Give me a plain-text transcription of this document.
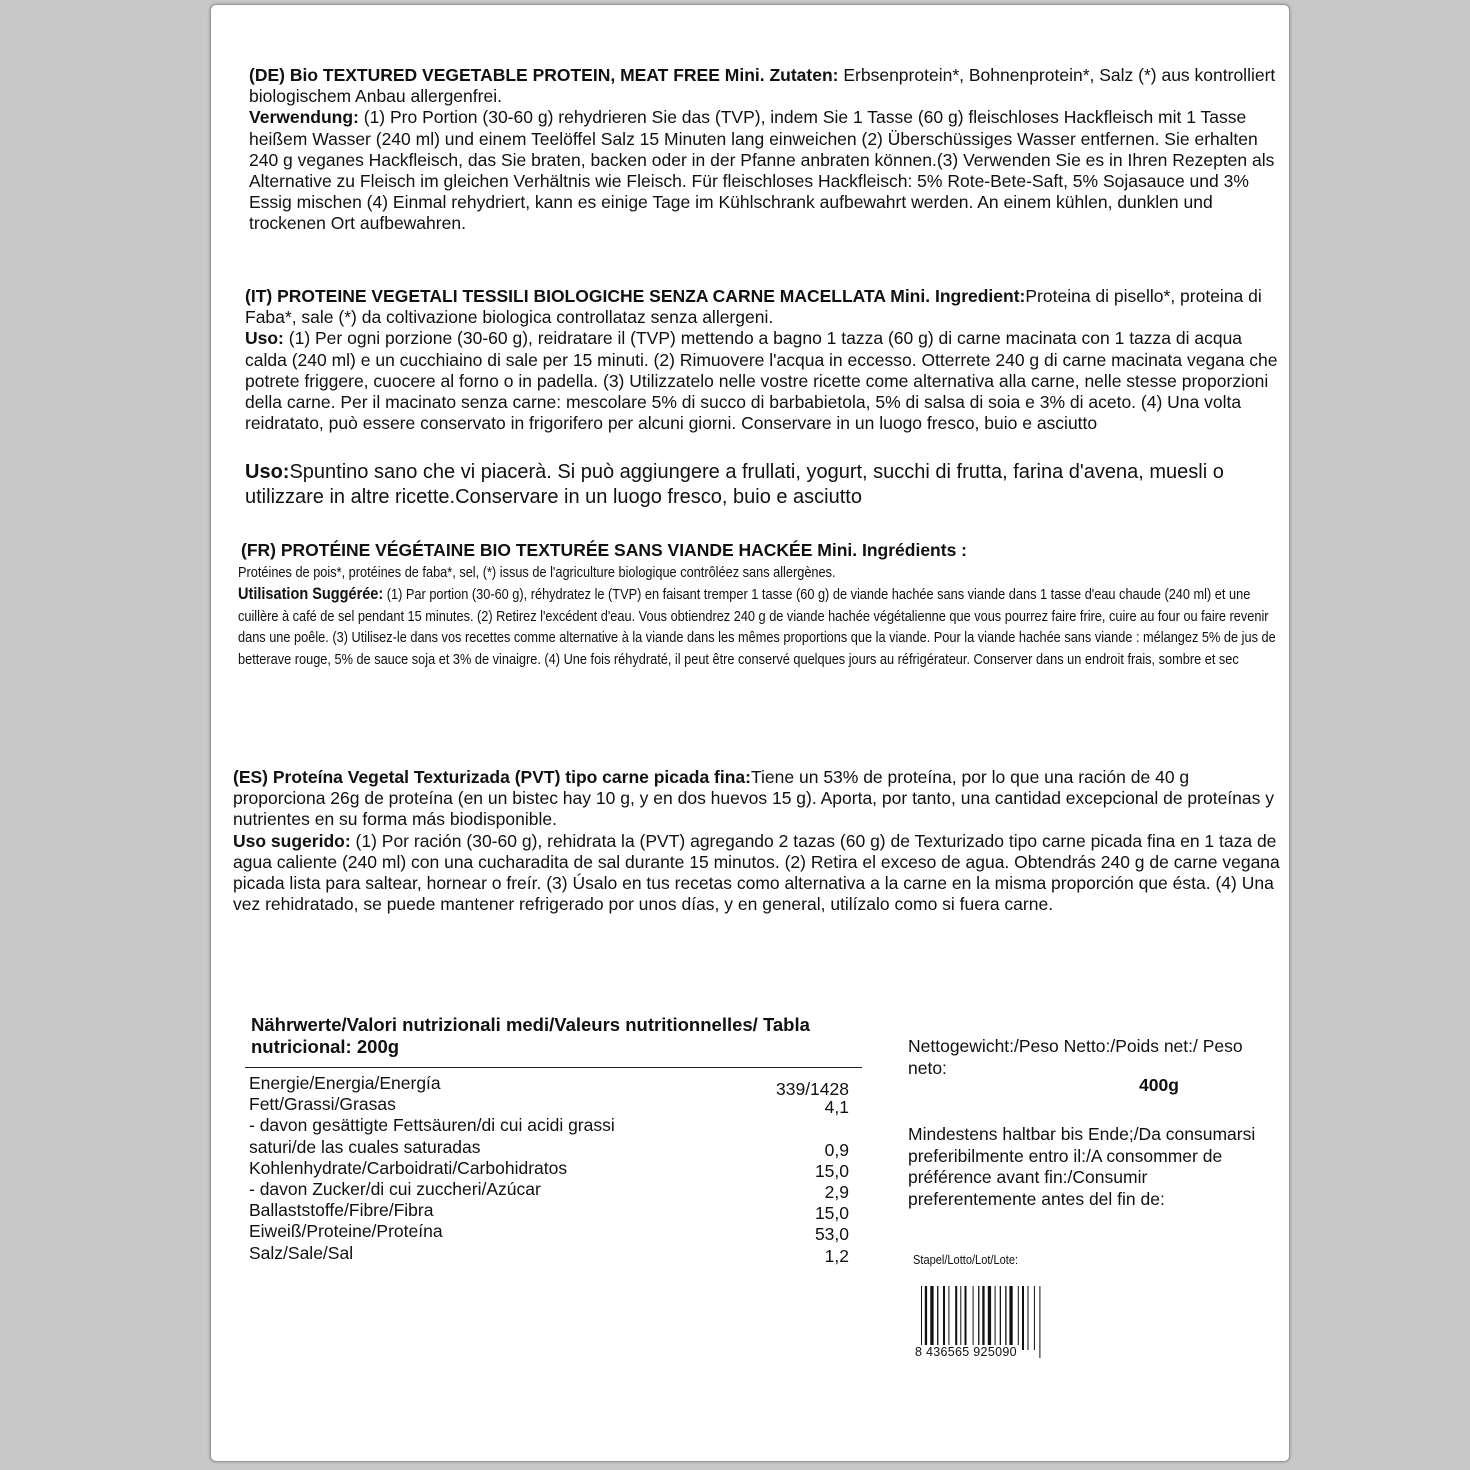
(DE) Bio TEXTURED VEGETABLE PROTEIN, MEAT FREE Mini. Zutaten: Erbsenprotein*, Bohnenprotein*, Salz (*) aus kontrolliert biologischem Anbau allergenfrei.
Verwendung: (1) Pro Portion (30-60 g) rehydrieren Sie das (TVP), indem Sie 1 Tasse (60 g) fleischloses Hackfleisch mit 1 Tasse heißem Wasser (240 ml) und einem Teelöffel Salz 15 Minuten lang einweichen (2) Überschüssiges Wasser entfernen. Sie erhalten 240 g veganes Hackfleisch, das Sie braten, backen oder in der Pfanne anbraten können.(3) Verwenden Sie es in Ihren Rezepten als Alternative zu Fleisch im gleichen Verhältnis wie Fleisch. Für fleischloses Hackfleisch: 5% Rote-Bete-Saft, 5% Sojasauce und 3% Essig mischen (4) Einmal rehydriert, kann es einige Tage im Kühlschrank aufbewahrt werden. An einem kühlen, dunklen und trockenen Ort aufbewahren.
(IT) PROTEINE VEGETALI TESSILI BIOLOGICHE SENZA CARNE MACELLATA Mini. Ingredient:Proteina di pisello*, proteina di Faba*, sale (*) da coltivazione biologica controllataz senza allergeni.
Uso: (1) Per ogni porzione (30-60 g), reidratare il (TVP) mettendo a bagno 1 tazza (60 g) di carne macinata con 1 tazza di acqua calda (240 ml) e un cucchiaino di sale per 15 minuti. (2) Rimuovere l'acqua in eccesso. Otterrete 240 g di carne macinata vegana che potrete friggere, cuocere al forno o in padella. (3) Utilizzatelo nelle vostre ricette come alternativa alla carne, nelle stesse proporzioni della carne. Per il macinato senza carne: mescolare 5% di succo di barbabietola, 5% di salsa di soia e 3% di aceto. (4) Una volta reidratato, può essere conservato in frigorifero per alcuni giorni. Conservare in un luogo fresco, buio e asciutto
Uso:Spuntino sano che vi piacerà. Si può aggiungere a frullati, yogurt, succhi di frutta, farina d'avena, muesli o utilizzare in altre ricette.Conservare in un luogo fresco, buio e asciutto
(FR) PROTÉINE VÉGÉTAINE BIO TEXTURÉE SANS VIANDE HACKÉE Mini. Ingrédients :
Protéines de pois*, protéines de faba*, sel, (*) issus de l'agriculture biologique contrôléez sans allergènes.
Utilisation Suggérée: (1) Par portion (30-60 g), réhydratez le (TVP) en faisant tremper 1 tasse (60 g) de viande hachée sans viande dans 1 tasse d'eau chaude (240 ml) et une cuillère à café de sel pendant 15 minutes. (2) Retirez l'excédent d'eau. Vous obtiendrez 240 g de viande hachée végétalienne que vous pourrez faire frire, cuire au four ou faire revenir dans une poêle. (3) Utilisez-le dans vos recettes comme alternative à la viande dans les mêmes proportions que la viande. Pour la viande hachée sans viande : mélangez 5% de jus de betterave rouge, 5% de sauce soja et 3% de vinaigre. (4) Une fois réhydraté, il peut être conservé quelques jours au réfrigérateur. Conserver dans un endroit frais, sombre et sec
(ES) Proteína Vegetal Texturizada (PVT) tipo carne picada fina:Tiene un 53% de proteína, por lo que una ración de 40 g proporciona 26g de proteína (en un bistec hay 10 g, y en dos huevos 15 g). Aporta, por tanto, una cantidad excepcional de proteínas y nutrientes en su forma más biodisponible.
Uso sugerido: (1) Por ración (30-60 g), rehidrata la (PVT) agregando 2 tazas (60 g) de Texturizado tipo carne picada fina en 1 taza de agua caliente (240 ml) con una cucharadita de sal durante 15 minutos. (2) Retira el exceso de agua. Obtendrás 240 g de carne vegana picada lista para saltear, hornear o freír. (3) Úsalo en tus recetas como alternativa a la carne en la misma proporción que ésta. (4) Una vez rehidratado, se puede mantener refrigerado por unos días, y en general, utilízalo como si fuera carne.
Nährwerte/Valori nutrizionali medi/Valeurs nutritionnelles/ Tabla nutricional: 200g
Energie/Energia/Energía	339/1428
Fett/Grassi/Grasas	4,1
- davon gesättigte Fettsäuren/di cui acidi grassi saturi/de las cuales saturadas	0,9
Kohlenhydrate/Carboidrati/Carbohidratos	15,0
- davon Zucker/di cui zuccheri/Azúcar	2,9
Ballaststoffe/Fibre/Fibra	15,0
Eiweiß/Proteine/Proteína	53,0
Salz/Sale/Sal	1,2
Nettogewicht:/Peso Netto:/Poids net:/ Peso neto:
400g
Mindestens haltbar bis Ende;/Da consumarsi preferibilmente entro il:/A consommer de préférence avant fin:/Consumir preferentemente antes del fin de:
Stapel/Lotto/Lot/Lote:
8 436565 925090
